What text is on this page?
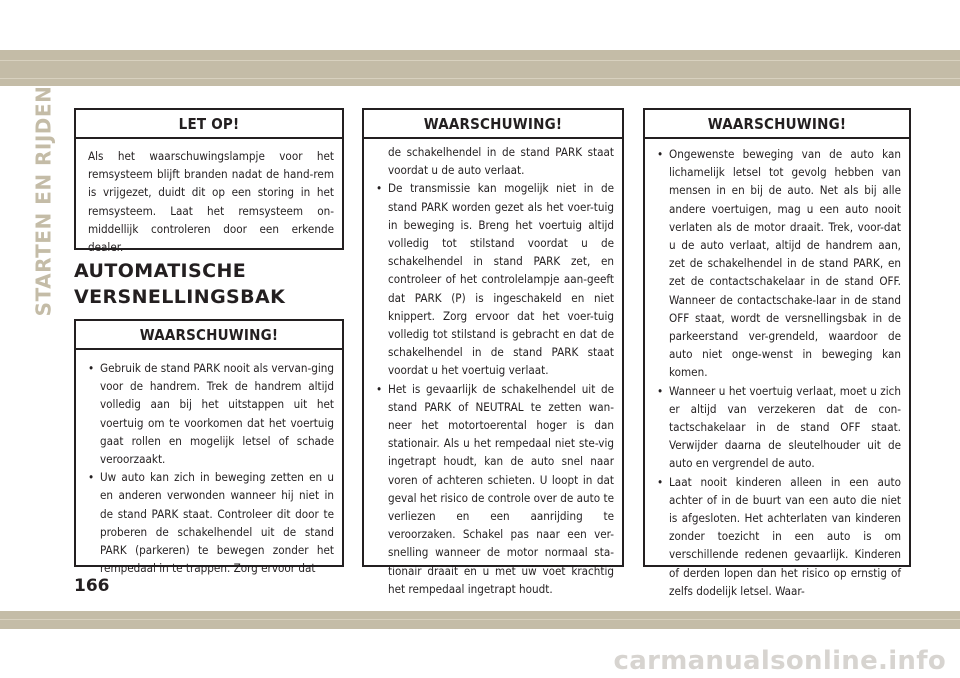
STARTEN EN RIJDEN	LET OP!
Als het waarschuwingslampje voor het remsysteem blijft branden nadat de hand-rem is vrijgezet, duidt dit op een storing in het remsysteem. Laat het remsysteem on-middellijk controleren door een erkende dealer.
AUTOMATISCHE VERSNELLINGSBAK
WAARSCHUWING!
• Gebruik de stand PARK nooit als vervan-ging voor de handrem. Trek de handrem altijd volledig aan bij het uitstappen uit het voertuig om te voorkomen dat het voertuig gaat rollen en mogelijk letsel of schade veroorzaakt.
• Uw auto kan zich in beweging zetten en u en anderen verwonden wanneer hij niet in de stand PARK staat. Controleer dit door te proberen de schakelhendel uit de stand PARK (parkeren) te bewegen zonder het rempedaal in te trappen. Zorg ervoor dat
WAARSCHUWING!
de schakelhendel in de stand PARK staat voordat u de auto verlaat.
• De transmissie kan mogelijk niet in de stand PARK worden gezet als het voer-tuig in beweging is. Breng het voertuig altijd volledig tot stilstand voordat u de schakelhendel in stand PARK zet, en controleer of het controlelampje aan-geeft dat PARK (P) is ingeschakeld en niet knippert. Zorg ervoor dat het voer-tuig volledig tot stilstand is gebracht en dat de schakelhendel in de stand PARK staat voordat u het voertuig verlaat.
• Het is gevaarlijk de schakelhendel uit de stand PARK of NEUTRAL te zetten wan-neer het motortoerental hoger is dan stationair. Als u het rempedaal niet ste-vig ingetrapt houdt, kan de auto snel naar voren of achteren schieten. U loopt in dat geval het risico de controle over de auto te verliezen en een aanrijding te veroorzaken. Schakel pas naar een ver-snelling wanneer de motor normaal sta-tionair draait en u met uw voet krachtig het rempedaal ingetrapt houdt.
WAARSCHUWING!
• Ongewenste beweging van de auto kan lichamelijk letsel tot gevolg hebben van mensen in en bij de auto. Net als bij alle andere voertuigen, mag u een auto nooit verlaten als de motor draait. Trek, voor-dat u de auto verlaat, altijd de handrem aan, zet de schakelhendel in de stand PARK, en zet de contactschakelaar in de stand OFF. Wanneer de contactschake-laar in de stand OFF staat, wordt de versnellingsbak in de parkeerstand ver-grendeld, waardoor de auto niet onge-wenst in beweging kan komen.
• Wanneer u het voertuig verlaat, moet u zich er altijd van verzekeren dat de con-tactschakelaar in de stand OFF staat. Verwijder daarna de sleutelhouder uit de auto en vergrendel de auto.
• Laat nooit kinderen alleen in een auto achter of in de buurt van een auto die niet is afgesloten. Het achterlaten van kinderen zonder toezicht in een auto is om verschillende redenen gevaarlijk. Kinderen of derden lopen dan het risico op ernstig of zelfs dodelijk letsel. Waar-
166
carmanualsonline.info
